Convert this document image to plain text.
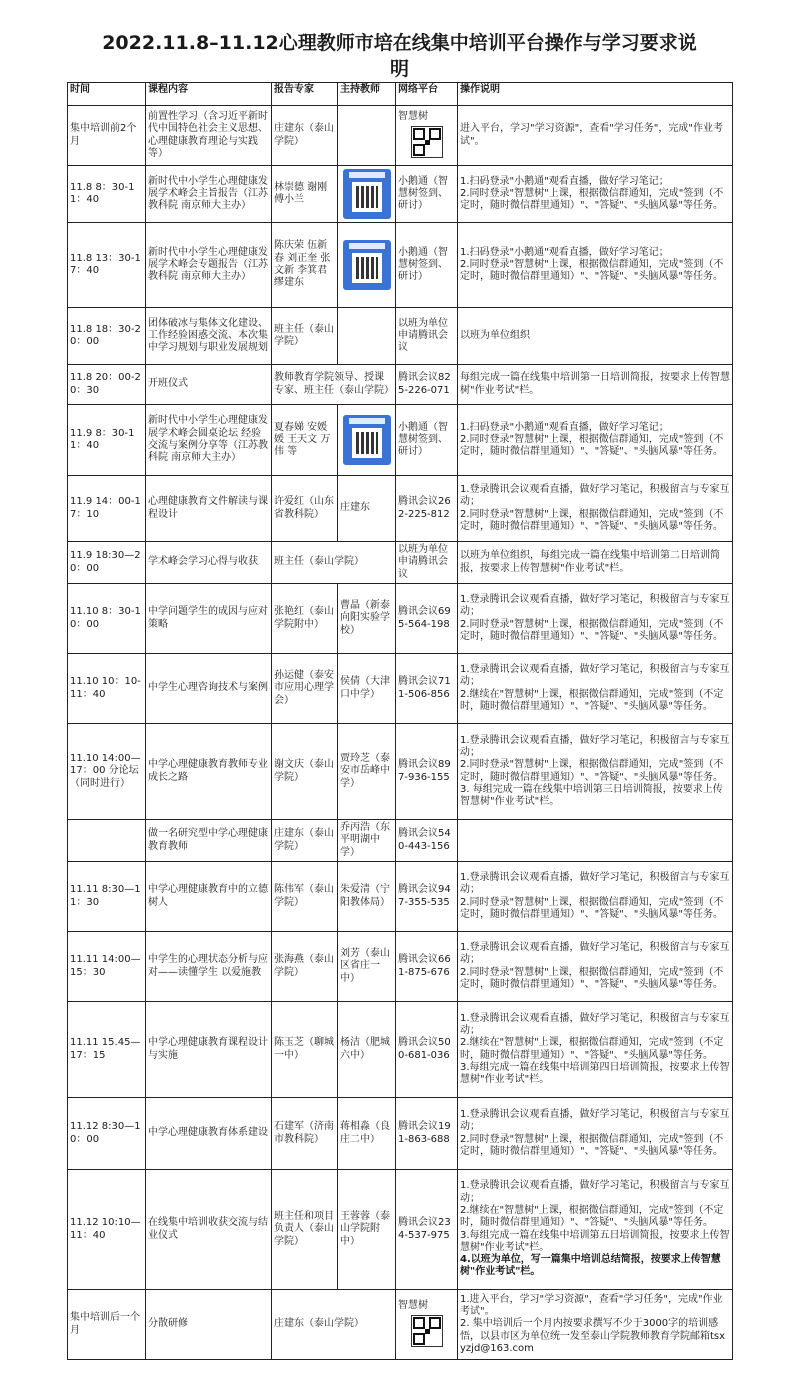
2022.11.8–11.12心理教师市培在线集中培训平台操作与学习要求说
明
时间	课程内容	报告专家	主持教师	网络平台	操作说明
集中培训前2个月	前置性学习（含习近平新时代中国特色社会主义思想、心理健康教育理论与实践等）	庄建东（泰山学院）		智慧树	进入平台，学习"学习资源"，查看"学习任务"，完成"作业考试"。

11.8 8：30-11：40	新时代中小学生心理健康发展学术峰会主旨报告（江苏教科院 南京师大主办）	林崇德 谢刚 傅小兰		小鹅通（智慧树签到、研讨）	1.扫码登录"小鹅通"观看直播，做好学习笔记；
2.同时登录"智慧树"上课，根据微信群通知，完成"签到（不定时，随时微信群里通知）"、"答疑"、"头脑风暴"等任务。

11.8 13：30-17：40	新时代中小学生心理健康发展学术峰会专题报告（江苏教科院 南京师大主办）	陈庆荣 伍新春 刘正奎 张文新 李箕君 缪建东		小鹅通（智慧树签到、研讨）	1.扫码登录"小鹅通"观看直播，做好学习笔记；
2.同时登录"智慧树"上课，根据微信群通知，完成"签到（不定时，随时微信群里通知）"、"答疑"、"头脑风暴"等任务。

11.8 18：30-20：00	团体破冰与集体文化建设、工作经验困惑交流、本次集中学习规划与职业发展规划	班主任（泰山学院）		以班为单位申请腾讯会议	以班为单位组织

11.8 20：00-20：30	开班仪式	教师教育学院领导、授课专家、班主任（泰山学院）		腾讯会议825-226-071	每组完成一篇在线集中培训第一日培训简报，按要求上传智慧树"作业考试"栏。

11.9 8：30-11：40	新时代中小学生心理健康发展学术峰会圆桌论坛 经验交流与案例分享等（江苏教科院 南京师大主办）	夏春娣 安媛媛 王天文 万伟 等		小鹅通（智慧树签到、研讨）	1.扫码登录"小鹅通"观看直播，做好学习笔记；
2.同时登录"智慧树"上课，根据微信群通知，完成"签到（不定时，随时微信群里通知）"、"答疑"、"头脑风暴"等任务。

11.9 14：00-17：10	心理健康教育文件解读与课程设计	许爱红（山东省教科院）	庄建东	腾讯会议262-225-812	1.登录腾讯会议观看直播，做好学习笔记，积极留言与专家互动；
2.同时登录"智慧树"上课，根据微信群通知，完成"签到（不定时，随时微信群里通知）"、"答疑"、"头脑风暴"等任务。

11.9 18:30—20：00	学术峰会学习心得与收获	班主任（泰山学院）		以班为单位申请腾讯会议	以班为单位组织，每组完成一篇在线集中培训第二日培训简报，按要求上传智慧树"作业考试"栏。

11.10 8：30-10：00	中学问题学生的成因与应对策略	张艳红（泰山学院附中）	曹晶（新泰向阳实验学校）	腾讯会议695-564-198	1.登录腾讯会议观看直播，做好学习笔记，积极留言与专家互动；
2.同时登录"智慧树"上课，根据微信群通知，完成"签到（不定时，随时微信群里通知）"、"答疑"、"头脑风暴"等任务。

11.10 10：10-11：40	中学生心理咨询技术与案例	孙运健（泰安市应用心理学会）	侯倩（大津口中学）	腾讯会议711-506-856	1.登录腾讯会议观看直播，做好学习笔记，积极留言与专家互动；
2.继续在"智慧树"上课，根据微信群通知，完成"签到（不定时，随时微信群里通知）"、"答疑"、"头脑风暴"等任务。

11.10 14:00—17：00 分论坛（同时进行）	中学心理健康教育教师专业成长之路	谢文庆（泰山学院）	贾玲芝（泰安市岳峰中学）	腾讯会议897-936-155	1.登录腾讯会议观看直播，做好学习笔记，积极留言与专家互动；
2.同时登录"智慧树"上课，根据微信群通知，完成"签到（不定时，随时微信群里通知）"、"答疑"、"头脑风暴"等任务。
3. 每组完成一篇在线集中培训第三日培训简报，按要求上传智慧树"作业考试"栏。

	做一名研究型中学心理健康教育教师	庄建东（泰山学院）	乔丙浩（东平明湖中学）	腾讯会议540-443-156	
11.11 8:30—11：30	中学心理健康教育中的立德树人	陈伟军（泰山学院）	朱爱清（宁阳教体局）	腾讯会议947-355-535	1.登录腾讯会议观看直播，做好学习笔记，积极留言与专家互动；
2.同时登录"智慧树"上课，根据微信群通知，完成"签到（不定时，随时微信群里通知）"、"答疑"、"头脑风暴"等任务。

11.11 14:00—15：30	中学生的心理状态分析与应对——读懂学生 以爱施教	张海燕（泰山学院）	刘芳（泰山区省庄一中）	腾讯会议661-875-676	1.登录腾讯会议观看直播，做好学习笔记，积极留言与专家互动；
2.同时登录"智慧树"上课，根据微信群通知，完成"签到（不定时，随时微信群里通知）"、"答疑"、"头脑风暴"等任务。

11.11 15.45—17：15	中学心理健康教育课程设计与实施	陈玉芝（聊城一中）	杨洁（肥城六中）	腾讯会议500-681-036	1.登录腾讯会议观看直播，做好学习笔记，积极留言与专家互动；
2.继续在"智慧树"上课，根据微信群通知，完成"签到（不定时，随时微信群里通知）"、"答疑"、"头脑风暴"等任务。
3.每组完成一篇在线集中培训第四日培训简报，按要求上传智慧树"作业考试"栏。

11.12 8:30—10：00	中学心理健康教育体系建设	石建军（济南市教科院）	蒋相淼（良庄二中）	腾讯会议191-863-688	1.登录腾讯会议观看直播，做好学习笔记，积极留言与专家互动；
2.同时登录"智慧树"上课，根据微信群通知，完成"签到（不定时，随时微信群里通知）"、"答疑"、"头脑风暴"等任务。

11.12 10:10—11：40	在线集中培训收获交流与结业仪式	班主任和项目负责人（泰山学院）	王蓉蓉（泰山学院附中）	腾讯会议234-537-975	1.登录腾讯会议观看直播，做好学习笔记，积极留言与专家互动；
2.继续在"智慧树"上课，根据微信群通知，完成"签到（不定时，随时微信群里通知）"、"答疑"、"头脑风暴"等任务。
3.每组完成一篇在线集中培训第五日培训简报，按要求上传智慧树"作业考试"栏。
4.以班为单位，写一篇集中培训总结简报，按要求上传智慧树"作业考试"栏。

集中培训后一个月	分散研修	庄建东（泰山学院）		智慧树	1.进入平台，学习"学习资源"，查看"学习任务"，完成"作业考试"。
2. 集中培训后一个月内按要求撰写不少于3000字的培训感悟，以县市区为单位统一发至泰山学院教师教育学院邮箱tsxyzjd@163.com
